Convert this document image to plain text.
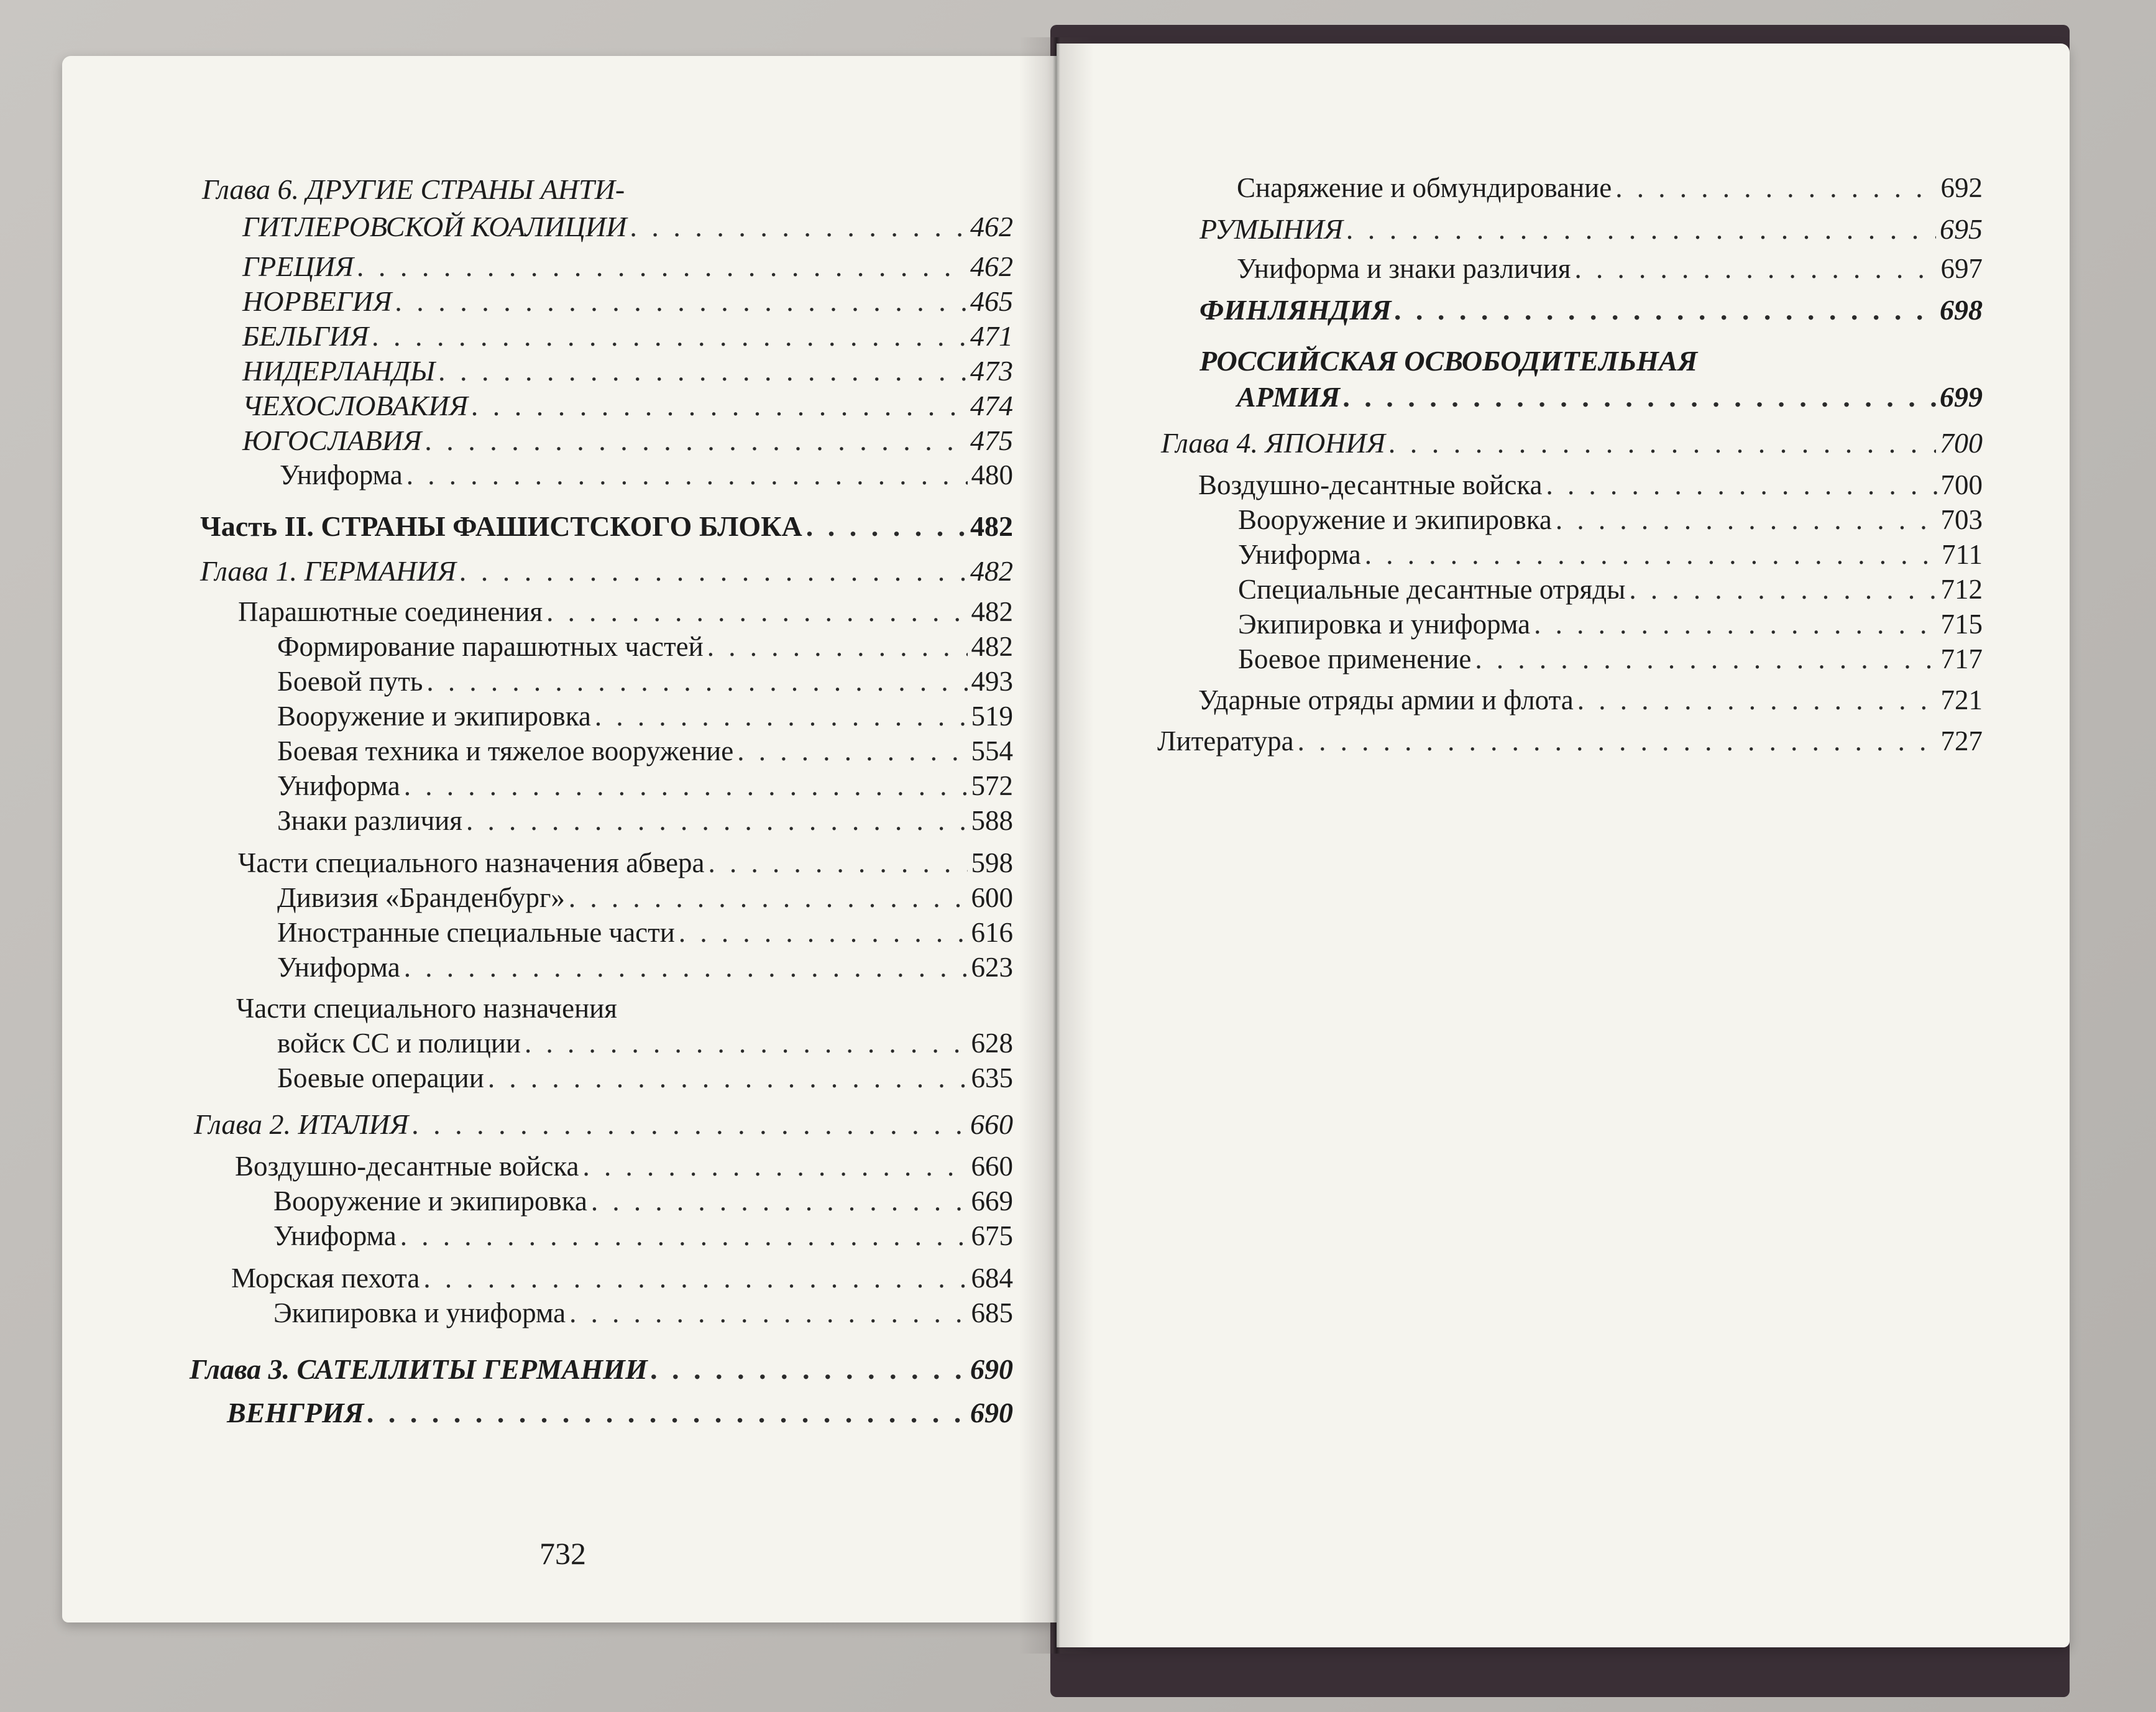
Глава 6. ДРУГИЕ СТРАНЫ АНТИ-
ГИТЛЕРОВСКОЙ КОАЛИЦИИ . . .	462
ГРЕЦИЯ . . .	462
НОРВЕГИЯ . . .	465
БЕЛЬГИЯ . . .	471
НИДЕРЛАНДЫ . . .	473
ЧЕХОСЛОВАКИЯ . . .	474
ЮГОСЛАВИЯ . . .	475
Униформа . . .	480
Часть II. СТРАНЫ ФАШИСТСКОГО БЛОКА . . .	482
Глава 1. ГЕРМАНИЯ . . .	482
Парашютные соединения . . .	482
Формирование парашютных частей . . .	482
Боевой путь . . .	493
Вооружение и экипировка . . .	519
Боевая техника и тяжелое вооружение . . .	554
Униформа . . .	572
Знаки различия . . .	588
Части специального назначения абвера . . .	598
Дивизия «Бранденбург» . . .	600
Иностранные специальные части . . .	616
Униформа . . .	623
Части специального назначения
войск СС и полиции . . .	628
Боевые операции . . .	635
Глава 2. ИТАЛИЯ . . .	660
Воздушно-десантные войска . . .	660
Вооружение и экипировка . . .	669
Униформа . . .	675
Морская пехота . . .	684
Экипировка и униформа . . .	685
Глава 3. САТЕЛЛИТЫ ГЕРМАНИИ . . .	690
ВЕНГРИЯ . . .	690
732
Снаряжение и обмундирование . . .	692
РУМЫНИЯ . . .	695
Униформа и знаки различия . . .	697
ФИНЛЯНДИЯ . . .	698
РОССИЙСКАЯ ОСВОБОДИТЕЛЬНАЯ
АРМИЯ . . .	699
Глава 4. ЯПОНИЯ . . .	700
Воздушно-десантные войска . . .	700
Вооружение и экипировка . . .	703
Униформа . . .	711
Специальные десантные отряды . . .	712
Экипировка и униформа . . .	715
Боевое применение . . .	717
Ударные отряды армии и флота . . .	721
Литература . . .	727
